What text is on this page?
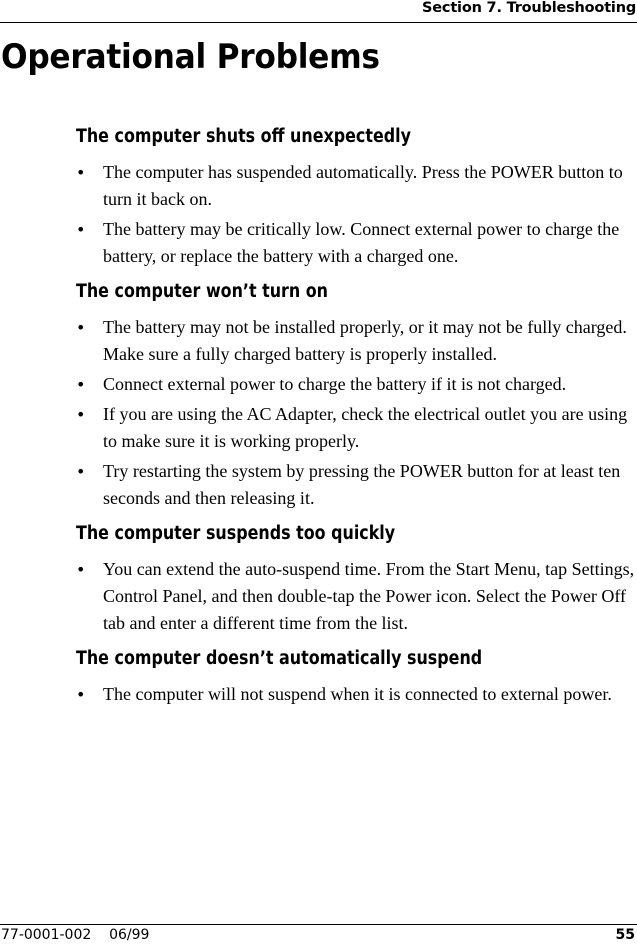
Section 7. Troubleshooting
Operational Problems
The computer shuts off unexpectedly
• The computer has suspended automatically. Press the POWER button to turn it back on.
• The battery may be critically low. Connect external power to charge the battery, or replace the battery with a charged one.
The computer won’t turn on
• The battery may not be installed properly, or it may not be fully charged. Make sure a fully charged battery is properly installed.
• Connect external power to charge the battery if it is not charged.
• If you are using the AC Adapter, check the electrical outlet you are using to make sure it is working properly.
• Try restarting the system by pressing the POWER button for at least ten seconds and then releasing it.
The computer suspends too quickly
• You can extend the auto-suspend time. From the Start Menu, tap Settings, Control Panel, and then double-tap the Power icon. Select the Power Off tab and enter a different time from the list.
The computer doesn’t automatically suspend
• The computer will not suspend when it is connected to external power.
77-0001-002    06/99	55
